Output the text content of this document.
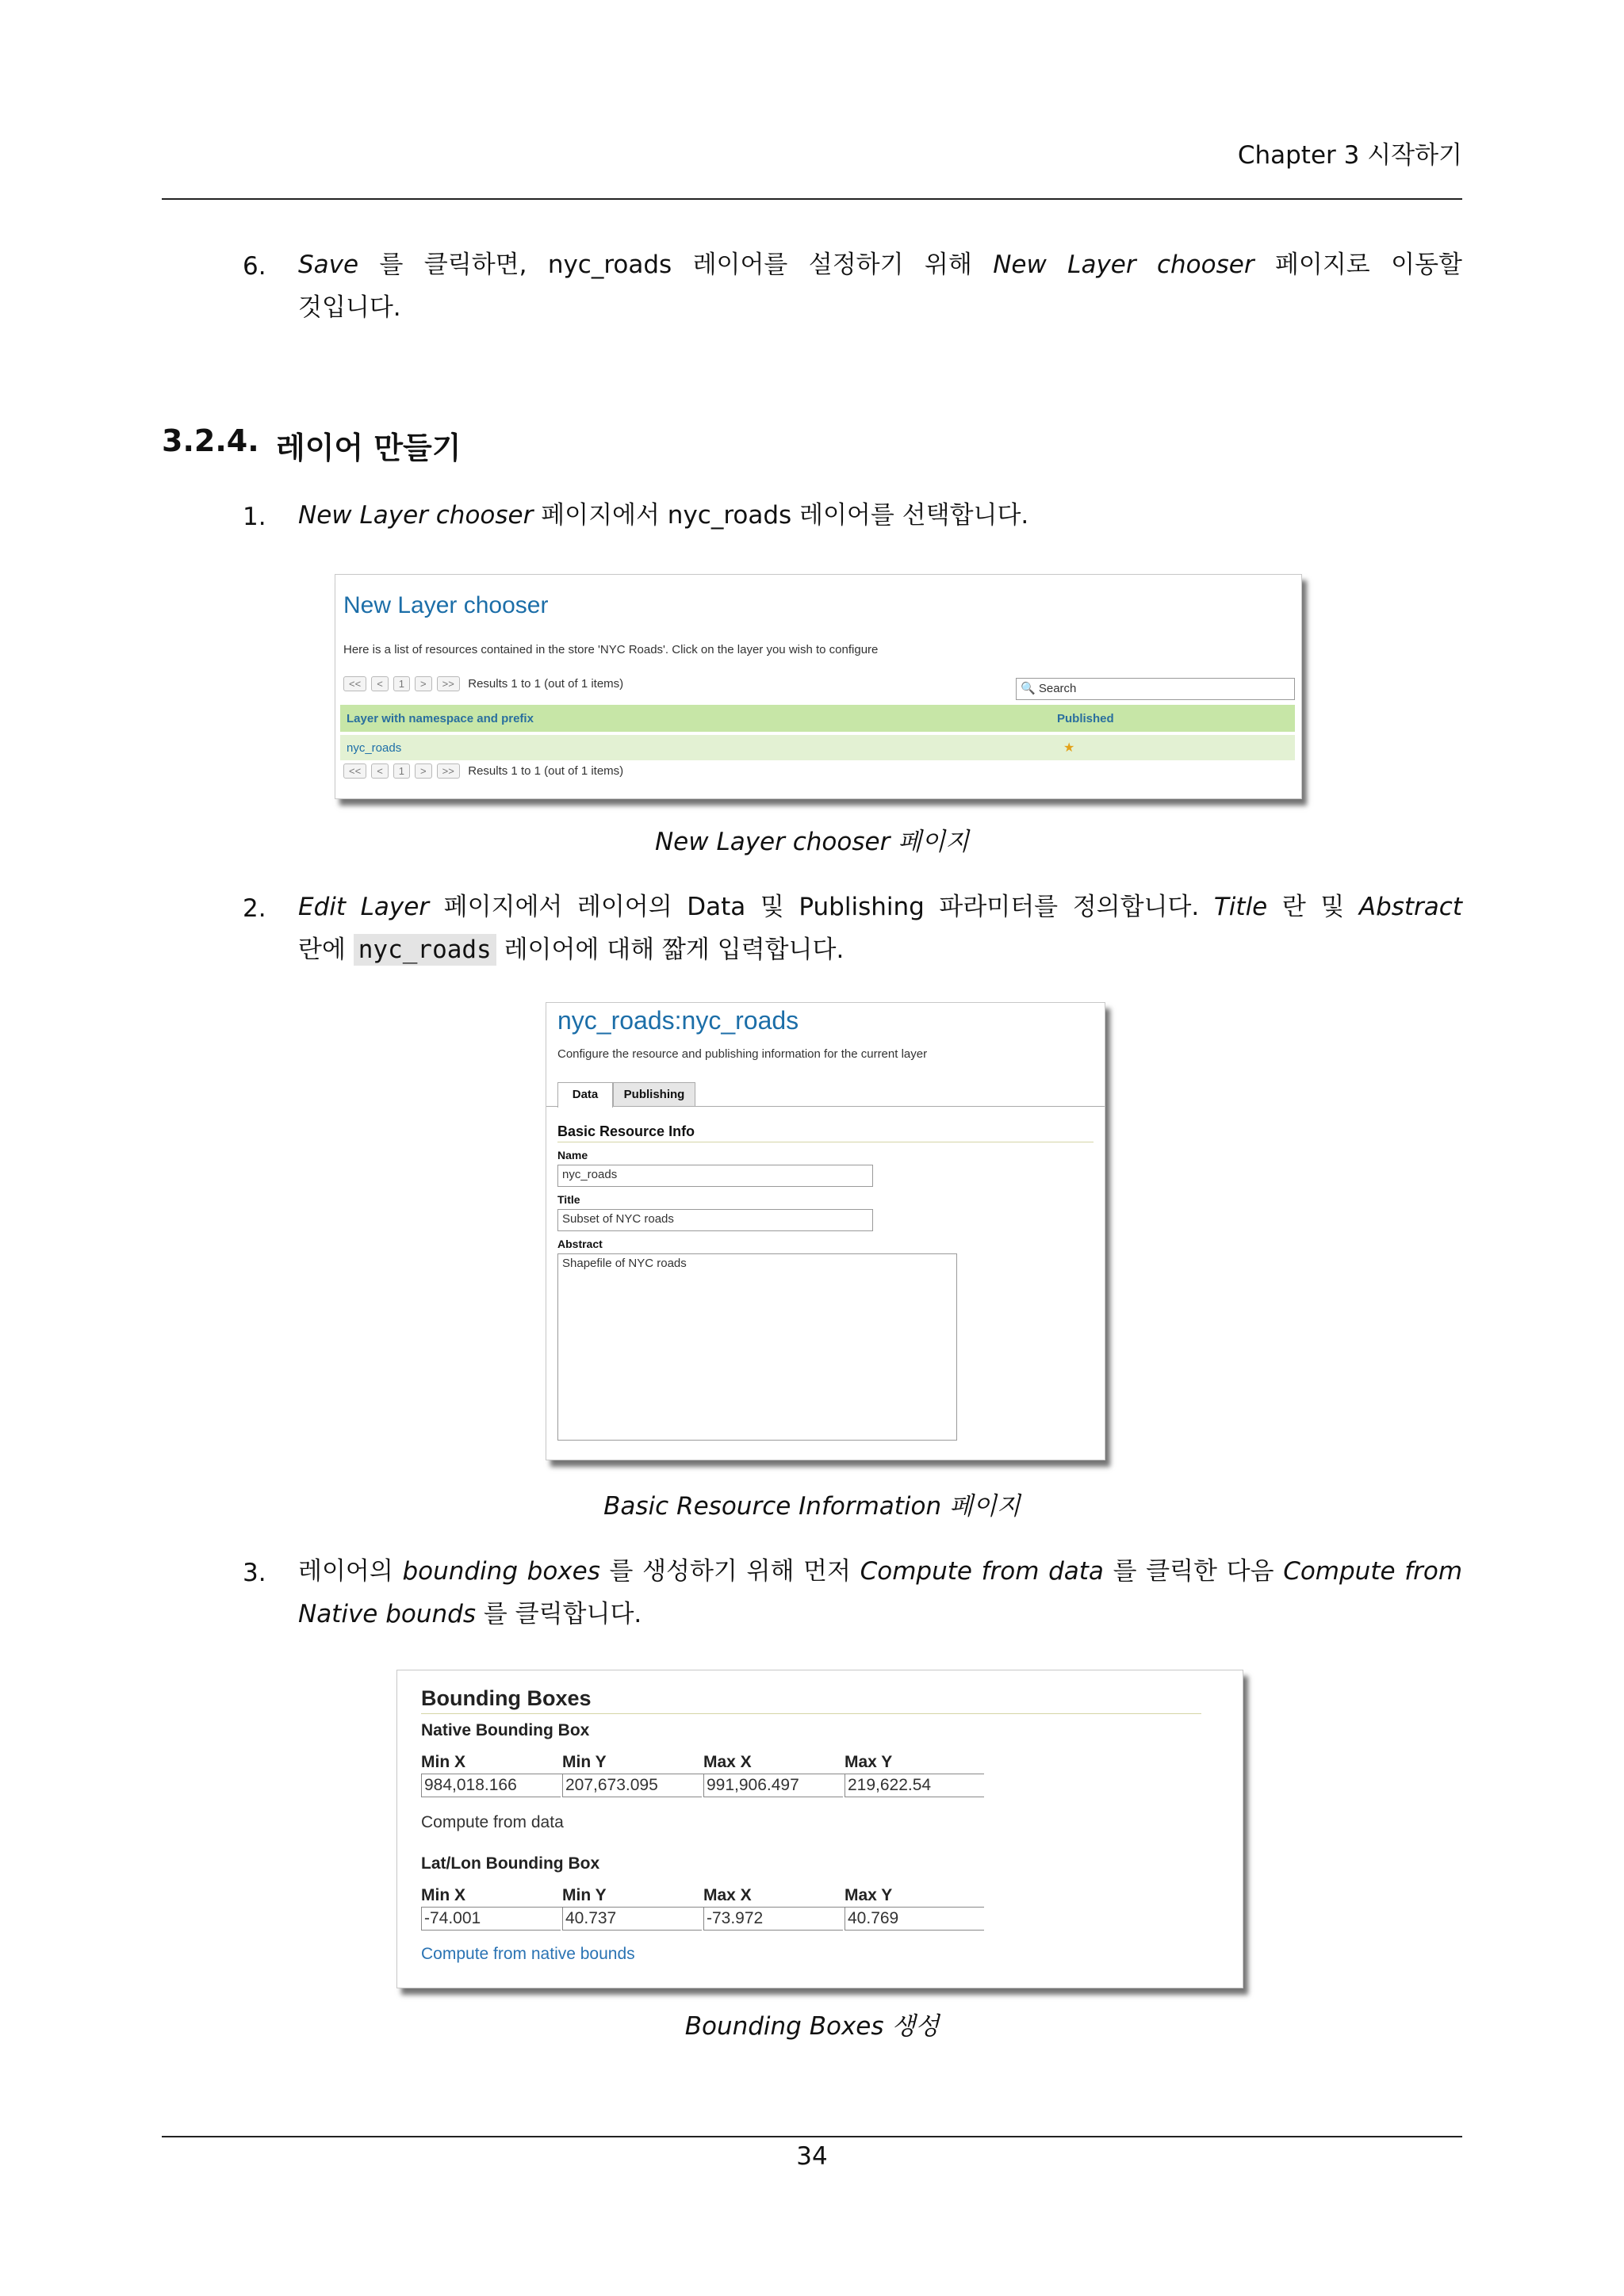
Chapter 3 시작하기
6. Save 를 클릭하면, nyc_roads 레이어를 설정하기 위해 New Layer chooser 페이지로 이동할
것입니다.
3.2.4. 레이어 만들기
1. New Layer chooser 페이지에서 nyc_roads 레이어를 선택합니다.
New Layer chooser
Here is a list of resources contained in the store 'NYC Roads'. Click on the layer you wish to configure
<< < 1 > >> Results 1 to 1 (out of 1 items)	🔍 Search
Layer with namespace and prefix	Published
nyc_roads	★
<< < 1 > >> Results 1 to 1 (out of 1 items)
New Layer chooser 페이지
2. Edit Layer 페이지에서 레이어의 Data 및 Publishing 파라미터를 정의합니다. Title 란 및 Abstract
란에 nyc_roads 레이어에 대해 짧게 입력합니다.
nyc_roads:nyc_roads
Configure the resource and publishing information for the current layer
Data	Publishing
Basic Resource Info
Name
nyc_roads
Title
Subset of NYC roads
Abstract
Shapefile of NYC roads
Basic Resource Information 페이지
3. 레이어의 bounding boxes 를 생성하기 위해 먼저 Compute from data 를 클릭한 다음 Compute from
Native bounds 를 클릭합니다.
Bounding Boxes
Native Bounding Box
Min X	Min Y	Max X	Max Y
984,018.166	207,673.095	991,906.497	219,622.54
Compute from data
Lat/Lon Bounding Box
Min X	Min Y	Max X	Max Y
-74.001	40.737	-73.972	40.769
Compute from native bounds
Bounding Boxes 생성
34
